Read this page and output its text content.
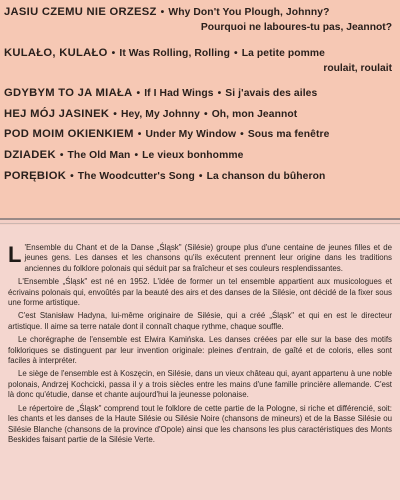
JASIU CZEMU NIE ORZESZ • Why Don't You Plough, Johnny?
Pourquoi ne laboures-tu pas, Jeannot?
KULAŁO, KULAŁO • It Was Rolling, Rolling • La petite pomme
roulait, roulait
GDYBYM TO JA MIAŁA • If I Had Wings • Si j'avais des ailes
HEJ MÓJ JASINEK • Hey, My Johnny • Oh, mon Jeannot
POD MOIM OKIENKIEM • Under My Window • Sous ma fenêtre
DZIADEK • The Old Man • Le vieux bonhomme
PORĘBIOK • The Woodcutter's Song • La chanson du bûheron

L 'Ensemble du Chant et de la Danse „Śląsk" (Silésie) groupe plus d'une centaine de jeunes filles et de jeunes gens. Les danses et les chansons qu'ils exécutent prennent leur origine dans les traditions anciennes du folklore polonais qui séduit par sa fraîcheur et ses couleurs resplendissantes.

L'Ensemble „Śląsk" est né en 1952. L'idée de former un tel ensemble appartient aux musicologues et écrivains polonais qui, envoûtés par la beauté des airs et des danses de la Silésie, ont décidé de la fixer sous une forme artistique.

C'est Stanisław Hadyna, lui-même originaire de Silésie, qui a créé „Śląsk" et qui en est le directeur artistique. Il aime sa terre natale dont il connaît chaque rythme, chaque souffle.

Le chorégraphe de l'ensemble est Elwira Kamińska. Les danses créées par elle sur la base des motifs folkloriques se distinguent par leur invention originale: pleines d'entrain, de gaîté et de coloris, elles sont faciles à interpréter.

Le siège de l'ensemble est à Koszęcin, en Silésie, dans un vieux château qui, ayant appartenu à une noble polonais, Andrzej Kochcicki, passa il y a trois siècles entre les mains d'une famille princière allemande. C'est là donc qu'étudie, danse et chante aujourd'hui la jeunesse polonaise.

Le répertoire de „Śląsk" comprend tout le folklore de cette partie de la Pologne, si riche et différencié, soit: les chants et les danses de la Haute Silésie ou Silésie Noire (chansons de mineurs) et de la Basse Silésie ou Silésie Blanche (chansons de la province d'Opole) ainsi que les chansons les plus caractéristiques des Monts Beskides faisant partie de la Silésie Verte.
